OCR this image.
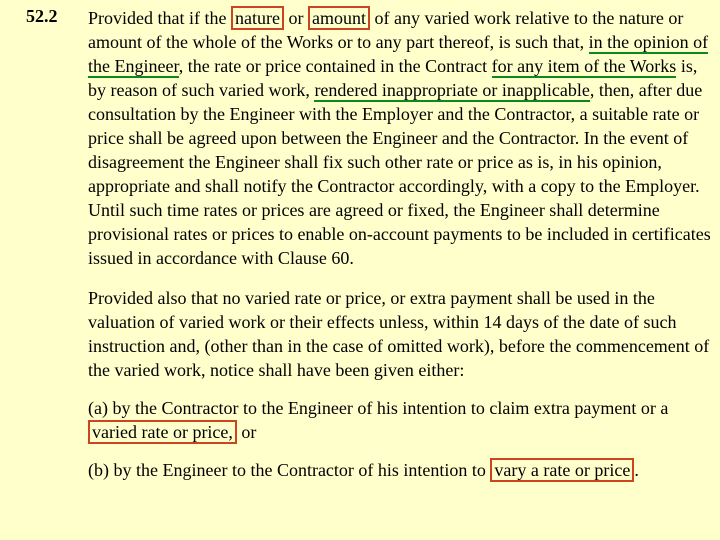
52.2 Provided that if the nature or amount of any varied work relative to the nature or amount of the whole of the Works or to any part thereof, is such that, in the opinion of the Engineer, the rate or price contained in the Contract for any item of the Works is, by reason of such varied work, rendered inappropriate or inapplicable, then, after due consultation by the Engineer with the Employer and the Contractor, a suitable rate or price shall be agreed upon between the Engineer and the Contractor. In the event of disagreement the Engineer shall fix such other rate or price as is, in his opinion, appropriate and shall notify the Contractor accordingly, with a copy to the Employer. Until such time rates or prices are agreed or fixed, the Engineer shall determine provisional rates or prices to enable on-account payments to be included in certificates issued in accordance with Clause 60.

Provided also that no varied rate or price, or extra payment shall be used in the valuation of varied work or their effects unless, within 14 days of the date of such instruction and, (other than in the case of omitted work), before the commencement of the varied work, notice shall have been given either:

(a) by the Contractor to the Engineer of his intention to claim extra payment or a varied rate or price, or

(b) by the Engineer to the Contractor of his intention to vary a rate or price .
